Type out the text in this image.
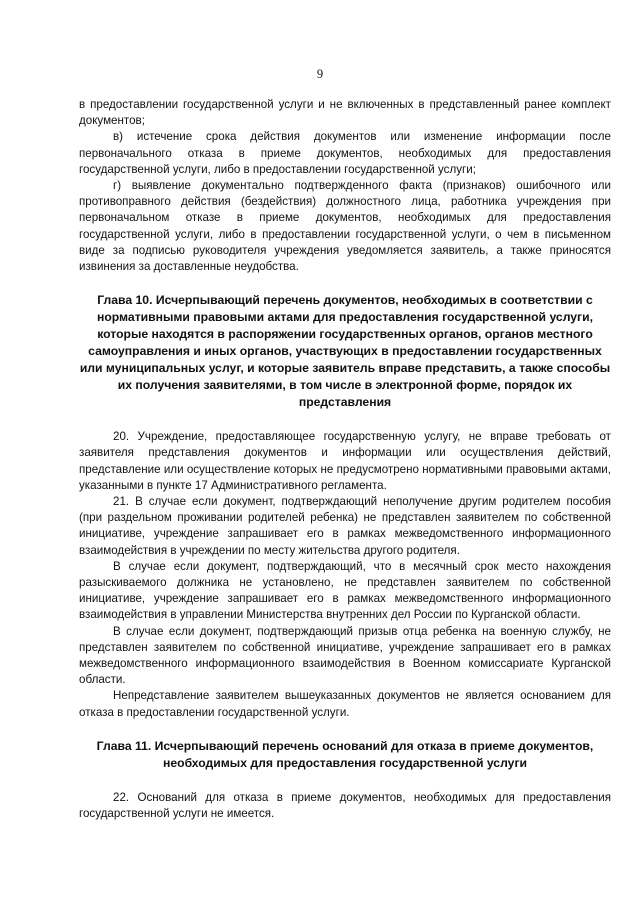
9

в предоставлении государственной услуги и не включенных в представленный ранее комплект документов;

в) истечение срока действия документов или изменение информации после первоначального отказа в приеме документов, необходимых для предоставления государственной услуги, либо в предоставлении государственной услуги;

г) выявление документально подтвержденного факта (признаков) ошибочного или противоправного действия (бездействия) должностного лица, работника учреждения при первоначальном отказе в приеме документов, необходимых для предоставления государственной услуги, либо в предоставлении государственной услуги, о чем в письменном виде за подписью руководителя учреждения уведомляется заявитель, а также приносятся извинения за доставленные неудобства.

Глава 10. Исчерпывающий перечень документов, необходимых в соответствии с нормативными правовыми актами для предоставления государственной услуги, которые находятся в распоряжении государственных органов, органов местного самоуправления и иных органов, участвующих в предоставлении государственных или муниципальных услуг, и которые заявитель вправе представить, а также способы их получения заявителями, в том числе в электронной форме, порядок их представления

20. Учреждение, предоставляющее государственную услугу, не вправе требовать от заявителя представления документов и информации или осуществления действий, представление или осуществление которых не предусмотрено нормативными правовыми актами, указанными в пункте 17 Административного регламента.

21. В случае если документ, подтверждающий неполучение другим родителем пособия (при раздельном проживании родителей ребенка) не представлен заявителем по собственной инициативе, учреждение запрашивает его в рамках межведомственного информационного взаимодействия в учреждении по месту жительства другого родителя.

В случае если документ, подтверждающий, что в месячный срок место нахождения разыскиваемого должника не установлено, не представлен заявителем по собственной инициативе, учреждение запрашивает его в рамках межведомственного информационного взаимодействия в управлении Министерства внутренних дел России по Курганской области.

В случае если документ, подтверждающий призыв отца ребенка на военную службу, не представлен заявителем по собственной инициативе, учреждение запрашивает его в рамках межведомственного информационного взаимодействия в Военном комиссариате Курганской области.

Непредставление заявителем вышеуказанных документов не является основанием для отказа в предоставлении государственной услуги.

Глава 11. Исчерпывающий перечень оснований для отказа в приеме документов, необходимых для предоставления государственной услуги

22. Оснований для отказа в приеме документов, необходимых для предоставления государственной услуги не имеется.
